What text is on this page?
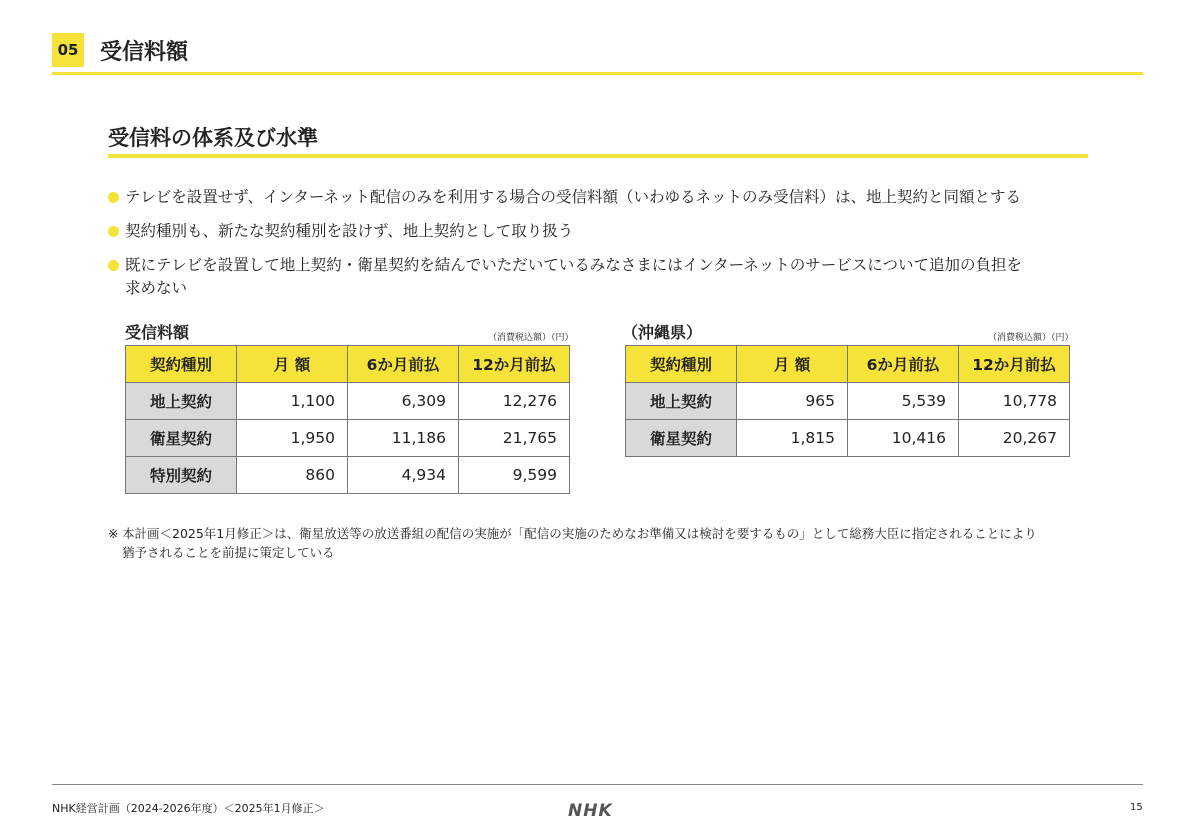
05 受信料額
受信料の体系及び水準
テレビを設置せず、インターネット配信のみを利用する場合の受信料額（いわゆるネットのみ受信料）は、地上契約と同額とする
契約種別も、新たな契約種別を設けず、地上契約として取り扱う
既にテレビを設置して地上契約・衛星契約を結んでいただいているみなさまにはインターネットのサービスについて追加の負担を
求めない
受信料額	（消費税込額）（円）
契約種別	月 額	6か月前払	12か月前払
地上契約	1,100	6,309	12,276
衛星契約	1,950	11,186	21,765
特別契約	860	4,934	9,599
（沖縄県）	（消費税込額）（円）
契約種別	月 額	6か月前払	12か月前払
地上契約	965	5,539	10,778
衛星契約	1,815	10,416	20,267
※ 本計画＜2025年1月修正＞は、衛星放送等の放送番組の配信の実施が「配信の実施のためなお準備又は検討を要するもの」として総務大臣に指定されることにより
猶予されることを前提に策定している
NHK経営計画（2024-2026年度）＜2025年1月修正＞	NHK	15
